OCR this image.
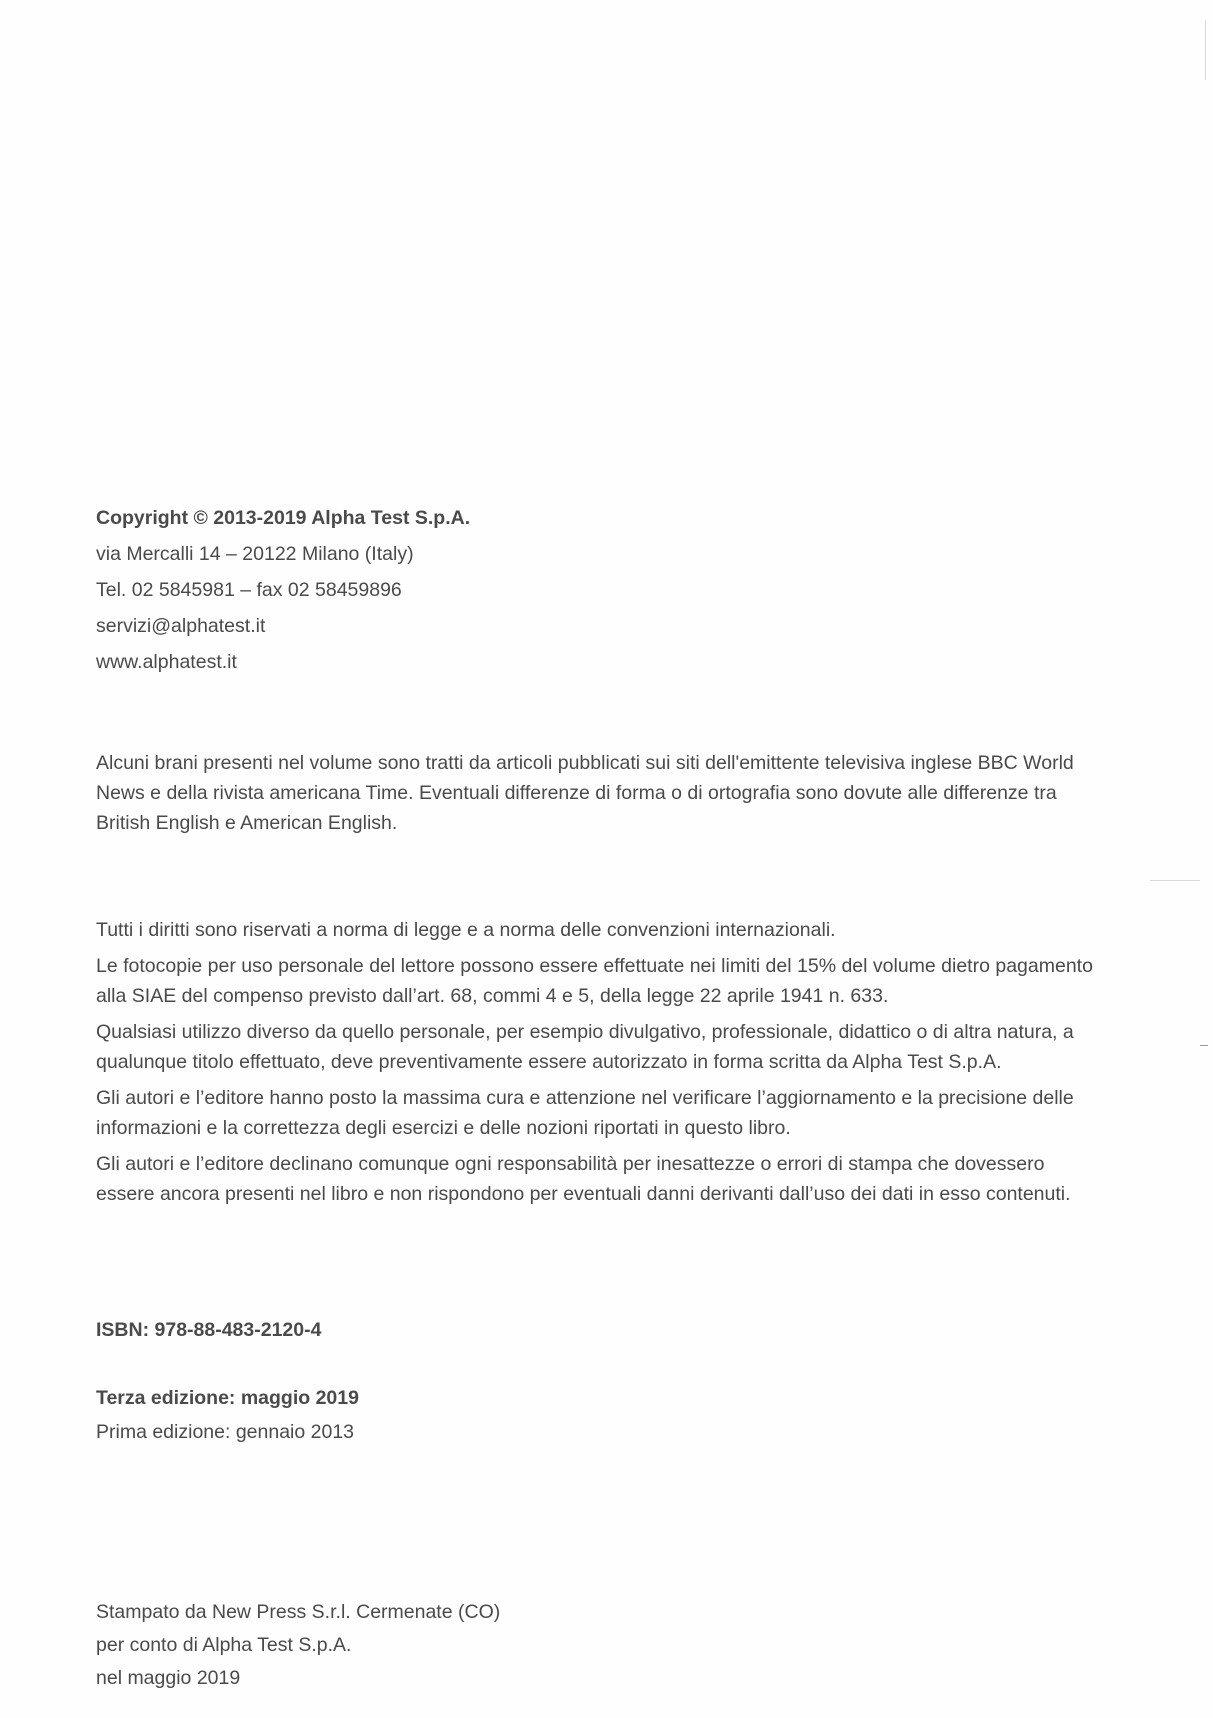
Copyright © 2013-2019 Alpha Test S.p.A.

via Mercalli 14 – 20122 Milano (Italy)

Tel. 02 5845981 – fax 02 58459896

servizi@alphatest.it

www.alphatest.it

Alcuni brani presenti nel volume sono tratti da articoli pubblicati sui siti dell'emittente televisiva inglese BBC World News e della rivista americana Time. Eventuali differenze di forma o di ortografia sono dovute alle differenze tra British English e American English.

Tutti i diritti sono riservati a norma di legge e a norma delle convenzioni internazionali.

Le fotocopie per uso personale del lettore possono essere effettuate nei limiti del 15% del volume dietro pagamento alla SIAE del compenso previsto dall’art. 68, commi 4 e 5, della legge 22 aprile 1941 n. 633.

Qualsiasi utilizzo diverso da quello personale, per esempio divulgativo, professionale, didattico o di altra natura, a qualunque titolo effettuato, deve preventivamente essere autorizzato in forma scritta da Alpha Test S.p.A.

Gli autori e l’editore hanno posto la massima cura e attenzione nel verificare l’aggiornamento e la precisione delle informazioni e la correttezza degli esercizi e delle nozioni riportati in questo libro.

Gli autori e l’editore declinano comunque ogni responsabilità per inesattezze o errori di stampa che dovessero essere ancora presenti nel libro e non rispondono per eventuali danni derivanti dall’uso dei dati in esso contenuti.

ISBN: 978-88-483-2120-4

Terza edizione: maggio 2019

Prima edizione: gennaio 2013

Stampato da New Press S.r.l. Cermenate (CO)

per conto di Alpha Test S.p.A.

nel maggio 2019
